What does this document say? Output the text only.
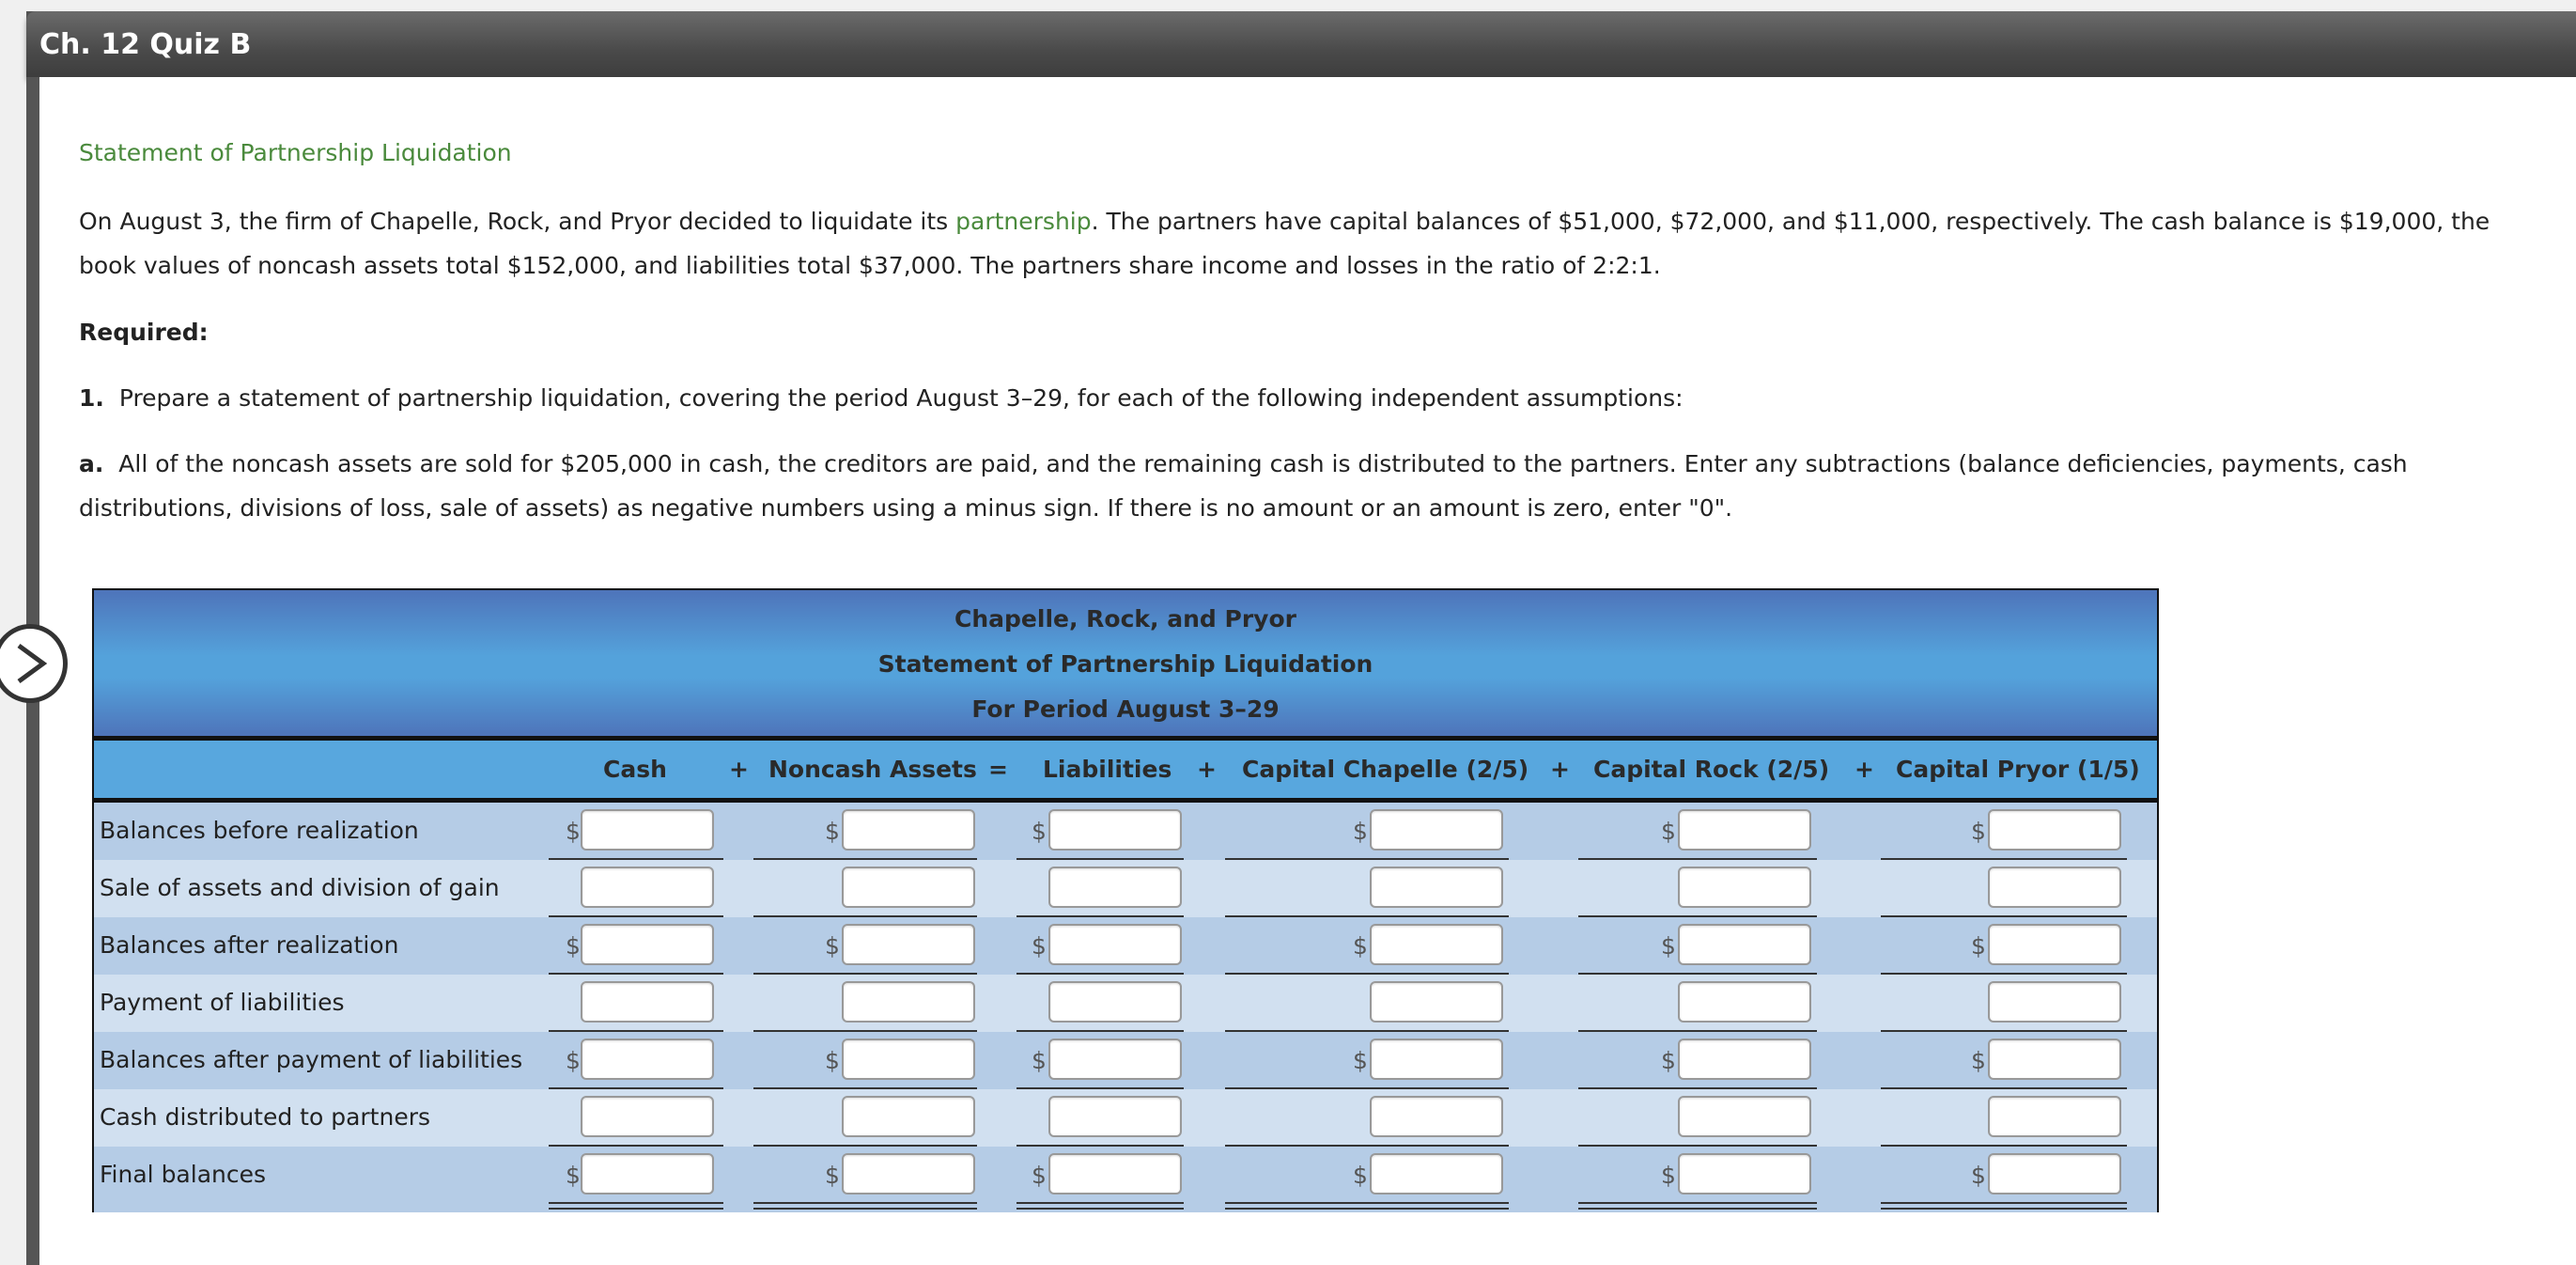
Ch. 12 Quiz B
Statement of Partnership Liquidation
On August 3, the firm of Chapelle, Rock, and Pryor decided to liquidate its partnership. The partners have capital balances of $51,000, $72,000, and $11,000, respectively. The cash balance is $19,000, the book values of noncash assets total $152,000, and liabilities total $37,000. The partners share income and losses in the ratio of 2:2:1.
Required:
1. Prepare a statement of partnership liquidation, covering the period August 3–29, for each of the following independent assumptions:
a. All of the noncash assets are sold for $205,000 in cash, the creditors are paid, and the remaining cash is distributed to the partners. Enter any subtractions (balance deficiencies, payments, cash distributions, divisions of loss, sale of assets) as negative numbers using a minus sign. If there is no amount or an amount is zero, enter "0".
Chapelle, Rock, and Pryor
Statement of Partnership Liquidation
For Period August 3–29
Cash	+ Noncash Assets = Liabilities + Capital Chapelle (2/5) + Capital Rock (2/5) + Capital Pryor (1/5)
Balances before realization	$	$	$	$	$	$
Sale of assets and division of gain
Balances after realization	$	$	$	$	$	$
Payment of liabilities
Balances after payment of liabilities $	$	$	$	$	$
Cash distributed to partners
Final balances	$	$	$	$	$	$
